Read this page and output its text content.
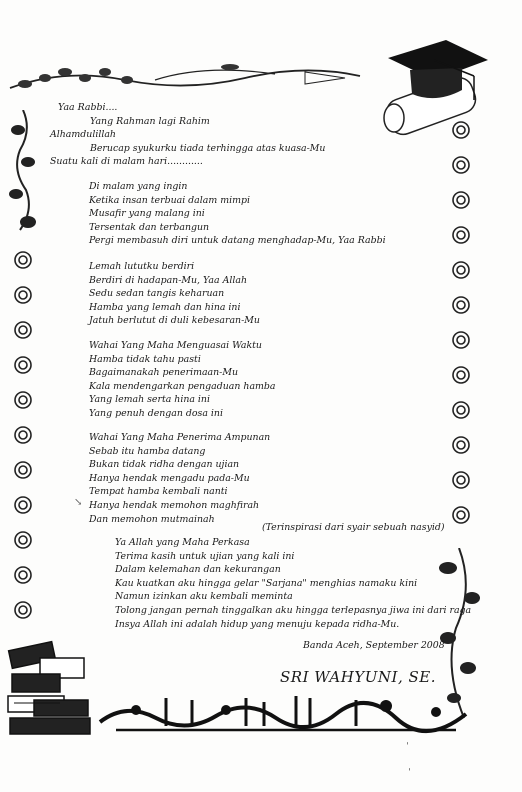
Yaa Rabbi....
Yang Rahman lagi Rahim
Alhamdulillah
Berucap syukurku tiada terhingga atas kuasa-Mu
Suatu kali di malam hari............
Di malam yang ingin
Ketika insan terbuai dalam mimpi
Musafir yang malang ini
Tersentak dan terbangun
Pergi membasuh diri untuk datang menghadap-Mu, Yaa Rabbi
Lemah lututku berdiri
Berdiri di hadapan-Mu, Yaa Allah
Sedu sedan tangis keharuan
Hamba yang lemah dan hina ini
Jatuh berlutut di duli kebesaran-Mu
Wahai Yang Maha Menguasai Waktu
Hamba tidak tahu pasti
Bagaimanakah penerimaan-Mu
Kala mendengarkan pengaduan hamba
Yang lemah serta hina ini
Yang penuh dengan dosa ini
Wahai Yang Maha Penerima Ampunan
Sebab itu hamba datang
Bukan tidak ridha dengan ujian
Hanya hendak mengadu pada-Mu
Tempat hamba kembali nanti
Hanya hendak memohon maghfirah
Dan memohon mutmainah
↘
(Terinspirasi dari syair sebuah nasyid)
Ya Allah yang Maha Perkasa
Terima kasih untuk ujian yang kali ini
Dalam kelemahan dan kekurangan
Kau kuatkan aku hingga gelar "Sarjana" menghias namaku kini
Namun izinkan aku kembali meminta
Tolong jangan pernah tinggalkan aku hingga terlepasnya jiwa ini dari raga
Insya Allah ini adalah hidup yang menuju kepada ridha-Mu.
Banda Aceh, September 2008
SRI WAHYUNI, SE.
ˈ
ˈ
